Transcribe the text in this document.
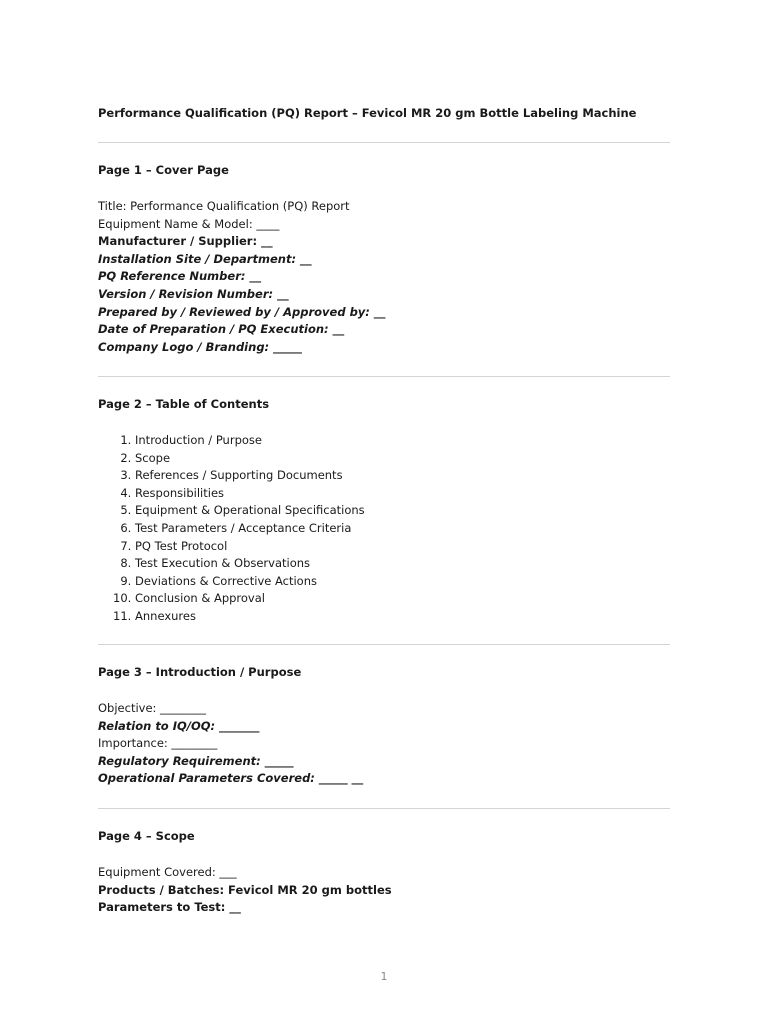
Performance Qualification (PQ) Report – Fevicol MR 20 gm Bottle Labeling Machine
Page 1 – Cover Page
Title: Performance Qualification (PQ) Report
Equipment Name & Model: ____
Manufacturer / Supplier: __
Installation Site / Department: __
PQ Reference Number: __
Version / Revision Number: __
Prepared by / Reviewed by / Approved by: __
Date of Preparation / PQ Execution: __
Company Logo / Branding: _____
Page 2 – Table of Contents
1. Introduction / Purpose
2. Scope
3. References / Supporting Documents
4. Responsibilities
5. Equipment & Operational Specifications
6. Test Parameters / Acceptance Criteria
7. PQ Test Protocol
8. Test Execution & Observations
9. Deviations & Corrective Actions
10. Conclusion & Approval
11. Annexures
Page 3 – Introduction / Purpose
Objective: ________
Relation to IQ/OQ: _______
Importance: ________
Regulatory Requirement: _____
Operational Parameters Covered: _____ __
Page 4 – Scope
Equipment Covered: ___
Products / Batches: Fevicol MR 20 gm bottles
Parameters to Test: __
1
